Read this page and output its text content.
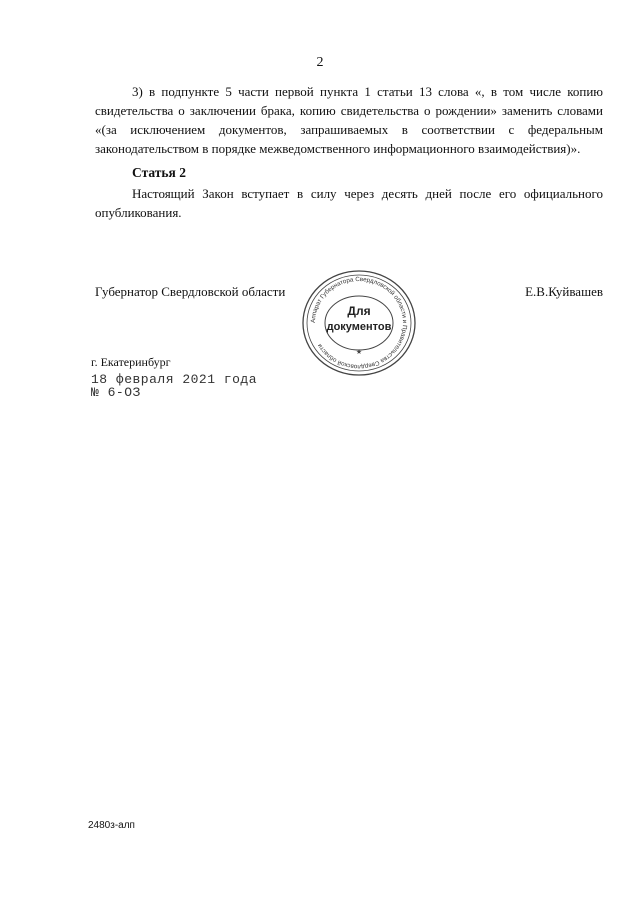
2

3) в подпункте 5 части первой пункта 1 статьи 13 слова «, в том числе копию свидетельства о заключении брака, копию свидетельства о рождении» заменить словами «(за исключением документов, запрашиваемых в соответствии с федеральным законодательством в порядке межведомственного информационного взаимодействия)».

Статья 2

Настоящий Закон вступает в силу через десять дней после его официального опубликования.

Губернатор Свердловской области	Е.В.Куйвашев
Аппарат Губернатора Свердловской области и Правительства Свердловской области
Для
документов
★
г. Екатеринбург
18 февраля 2021 года
№ 6-ОЗ
2480з-алп
